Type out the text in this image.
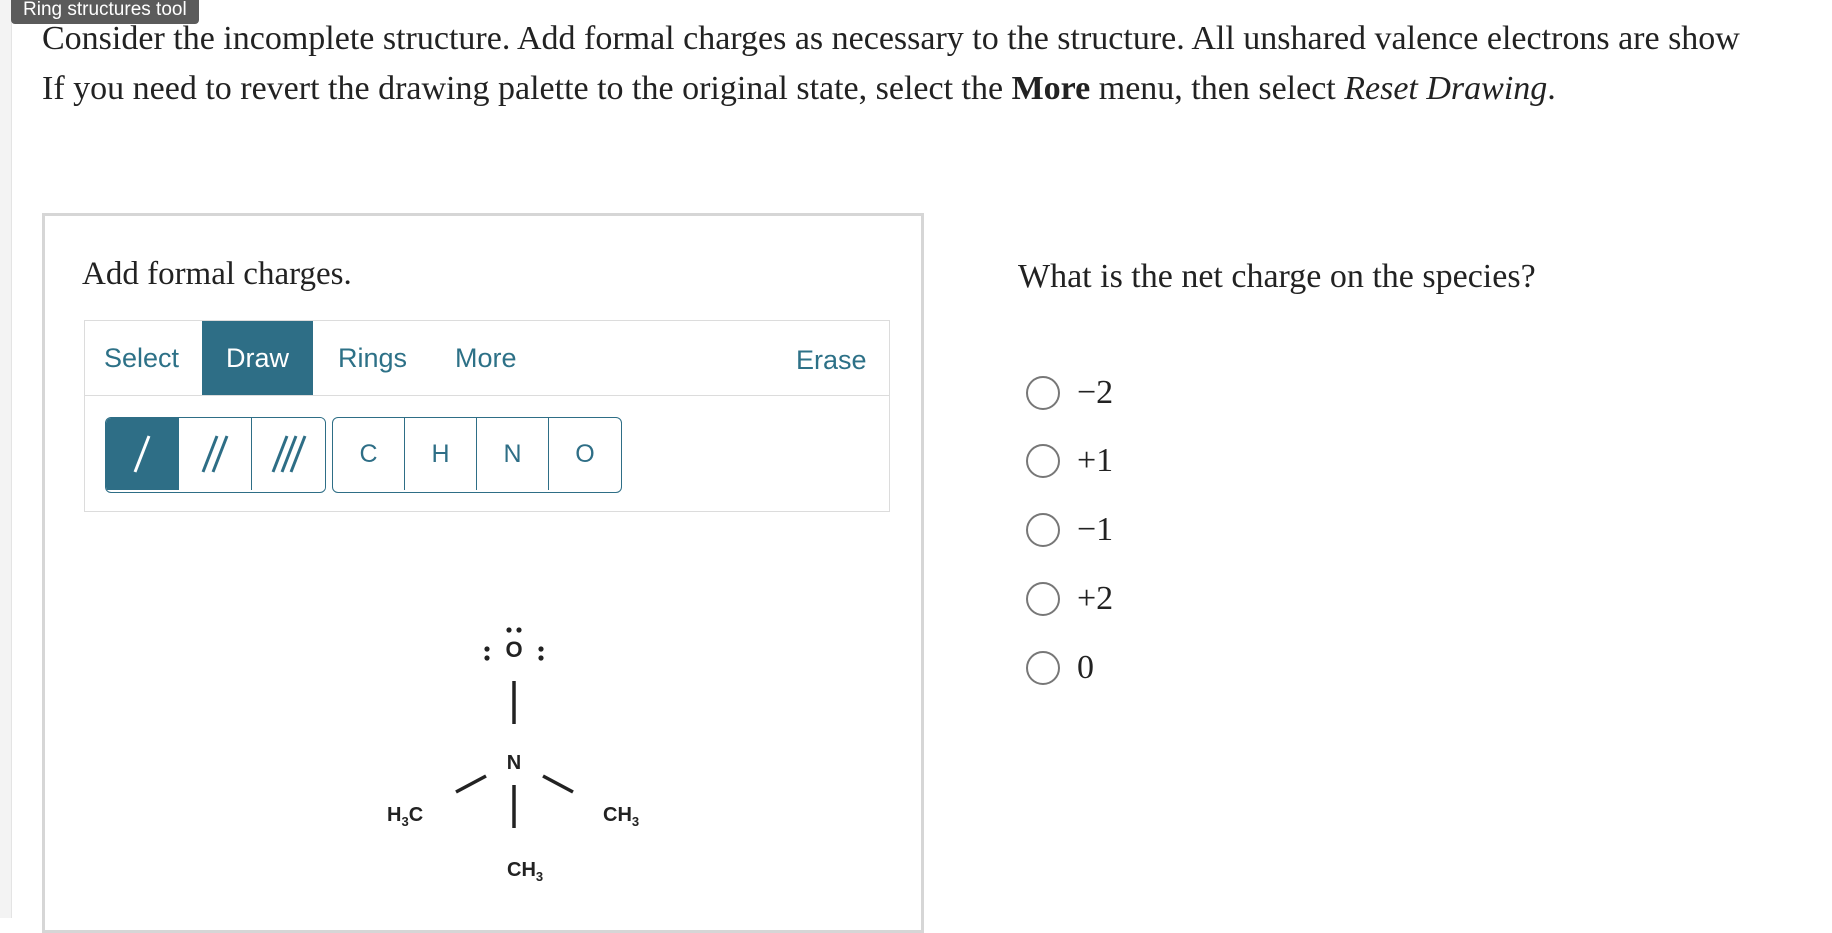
Ring structures tool
Consider the incomplete structure. Add formal charges as necessary to the structure. All unshared valence electrons are show
If you need to revert the drawing palette to the original state, select the More menu, then select Reset Drawing.
Add formal charges.
Select	Draw	Rings More	Erase
C	H	N	O
O
N
$H_3C$	$CH_3$
$CH_3$
What is the net charge on the species?
−2
+1
−1
+2
0
